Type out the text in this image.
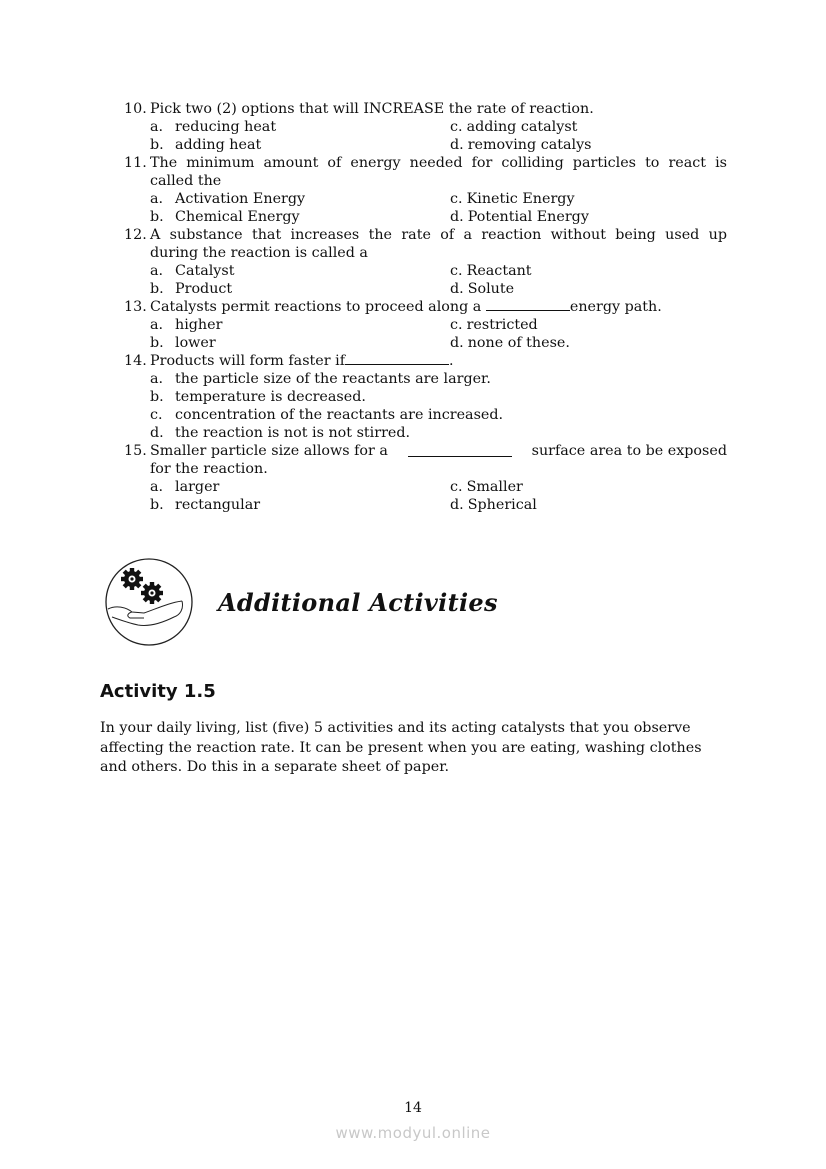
10. Pick two (2) options that will INCREASE the rate of reaction.
a. reducing heat	c. adding catalyst
b. adding heat	d. removing catalys
11. The minimum amount of energy needed for colliding particles to react is
called the
a. Activation Energy	c. Kinetic Energy
b. Chemical Energy	d. Potential Energy
12. A substance that increases the rate of a reaction without being used up
during the reaction is called a
a. Catalyst	c. Reactant
b. Product	d. Solute
13. Catalysts permit reactions to proceed along a	energy path.
a. higher	c. restricted
b. lower	d. none of these.
14. Products will form faster if	.
a. the particle size of the reactants are larger.
b. temperature is decreased.
c. concentration of the reactants are increased.
d. the reaction is not is not stirred.
15. Smaller particle size allows for a	surface area to be exposed
for the reaction.
a. larger	c. Smaller
b. rectangular	d. Spherical
Additional Activities
Activity 1.5
In your daily living, list (five) 5 activities and its acting catalysts that you observe affecting the reaction rate. It can be present when you are eating, washing clothes and others. Do this in a separate sheet of paper.
14
www.modyul.online
